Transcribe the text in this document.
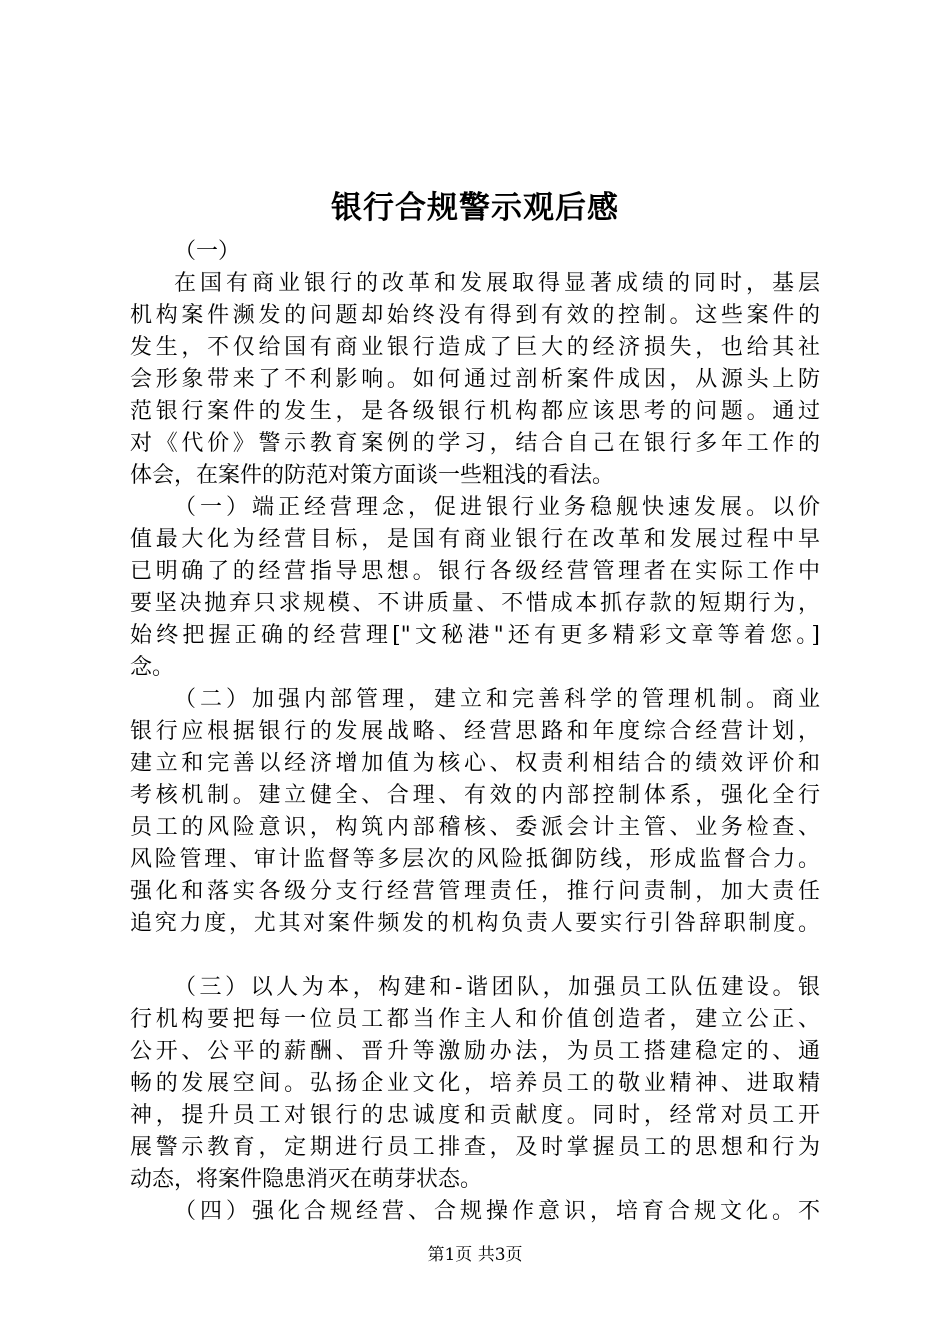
银行合规警示观后感
（一）
在国有商业银行的改革和发展取得显著成绩的同时，基层
机构案件濒发的问题却始终没有得到有效的控制。这些案件的
发生，不仅给国有商业银行造成了巨大的经济损失，也给其社
会形象带来了不利影响。如何通过剖析案件成因，从源头上防
范银行案件的发生，是各级银行机构都应该思考的问题。通过
对《代价》警示教育案例的学习，结合自己在银行多年工作的
体会，在案件的防范对策方面谈一些粗浅的看法。
（一）端正经营理念，促进银行业务稳舰快速发展。以价
值最大化为经营目标，是国有商业银行在改革和发展过程中早
已明确了的经营指导思想。银行各级经营管理者在实际工作中
要坚决抛弃只求规模、不讲质量、不惜成本抓存款的短期行为，
始终把握正确的经营理["文秘港"还有更多精彩文章等着您。]
念。
（二）加强内部管理，建立和完善科学的管理机制。商业
银行应根据银行的发展战略、经营思路和年度综合经营计划，
建立和完善以经济增加值为核心、权责利相结合的绩效评价和
考核机制。建立健全、合理、有效的内部控制体系，强化全行
员工的风险意识，构筑内部稽核、委派会计主管、业务检查、
风险管理、审计监督等多层次的风险抵御防线，形成监督合力。
强化和落实各级分支行经营管理责任，推行问责制，加大责任
追究力度，尤其对案件频发的机构负责人要实行引咎辞职制度。
（三）以人为本，构建和-谐团队，加强员工队伍建设。银
行机构要把每一位员工都当作主人和价值创造者，建立公正、
公开、公平的薪酬、晋升等激励办法，为员工搭建稳定的、通
畅的发展空间。弘扬企业文化，培养员工的敬业精神、进取精
神，提升员工对银行的忠诚度和贡献度。同时，经常对员工开
展警示教育，定期进行员工排查，及时掌握员工的思想和行为
动态，将案件隐患消灭在萌芽状态。
（四）强化合规经营、合规操作意识，培育合规文化。不
第1页 共3页
